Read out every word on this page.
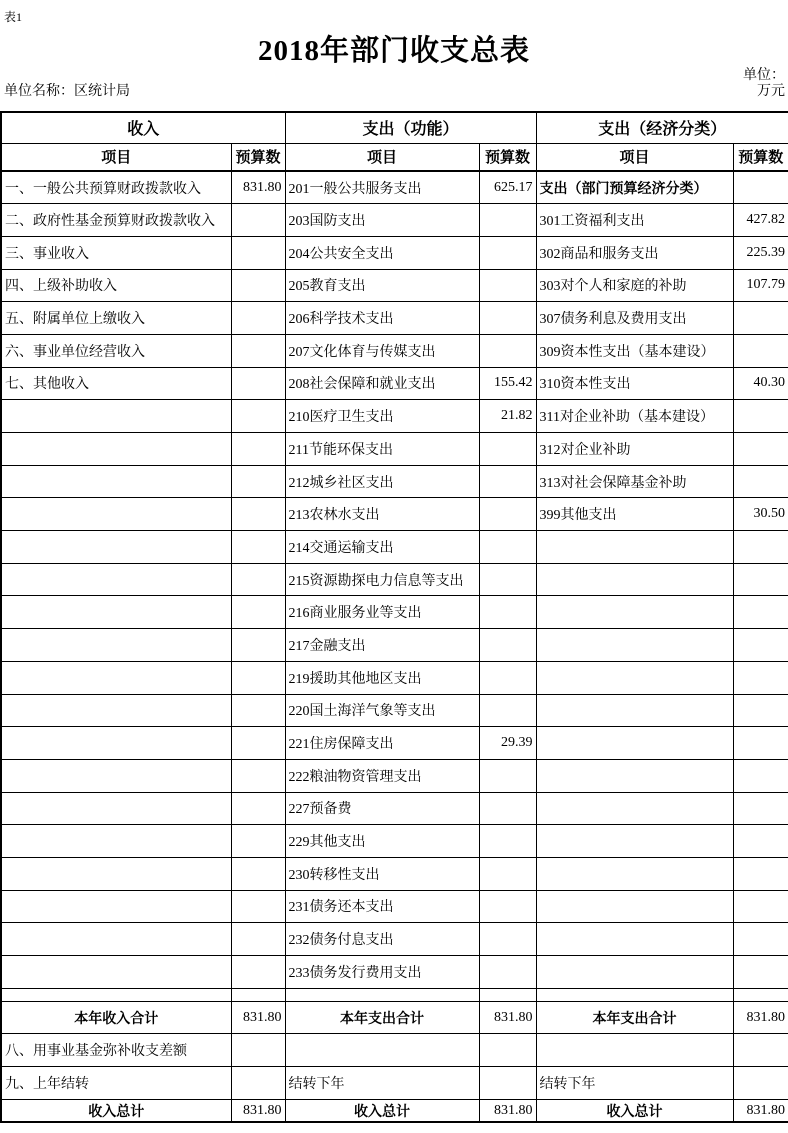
表1
2018年部门收支总表
单位名称：区统计局
单位：
万元
收入		支出（功能）		支出（经济分类）	
项目	预算数	项目	预算数	项目	预算数
一、一般公共预算财政拨款收入	831.80	201一般公共服务支出	625.17	支出（部门预算经济分类）	
二、政府性基金预算财政拨款收入		203国防支出		301工资福利支出	427.82
三、事业收入		204公共安全支出		302商品和服务支出	225.39
四、上级补助收入		205教育支出		303对个人和家庭的补助	107.79
五、附属单位上缴收入		206科学技术支出		307债务利息及费用支出	
六、事业单位经营收入		207文化体育与传媒支出		309资本性支出（基本建设）	
七、其他收入		208社会保障和就业支出	155.42	310资本性支出	40.30
		210医疗卫生支出	21.82	311对企业补助（基本建设）	
		211节能环保支出		312对企业补助	
		212城乡社区支出		313对社会保障基金补助	
		213农林水支出		399其他支出	30.50
		214交通运输支出			
		215资源勘探电力信息等支出			
		216商业服务业等支出			
		217金融支出			
		219援助其他地区支出			
		220国土海洋气象等支出			
		221住房保障支出	29.39		
		222粮油物资管理支出			
		227预备费			
		229其他支出			
		230转移性支出			
		231债务还本支出			
		232债务付息支出			
		233债务发行费用支出			

本年收入合计	831.80	本年支出合计	831.80	本年支出合计	831.80
八、用事业基金弥补收支差额					
九、上年结转		结转下年		结转下年	
收入总计	831.80	收入总计	831.80	收入总计	831.80
